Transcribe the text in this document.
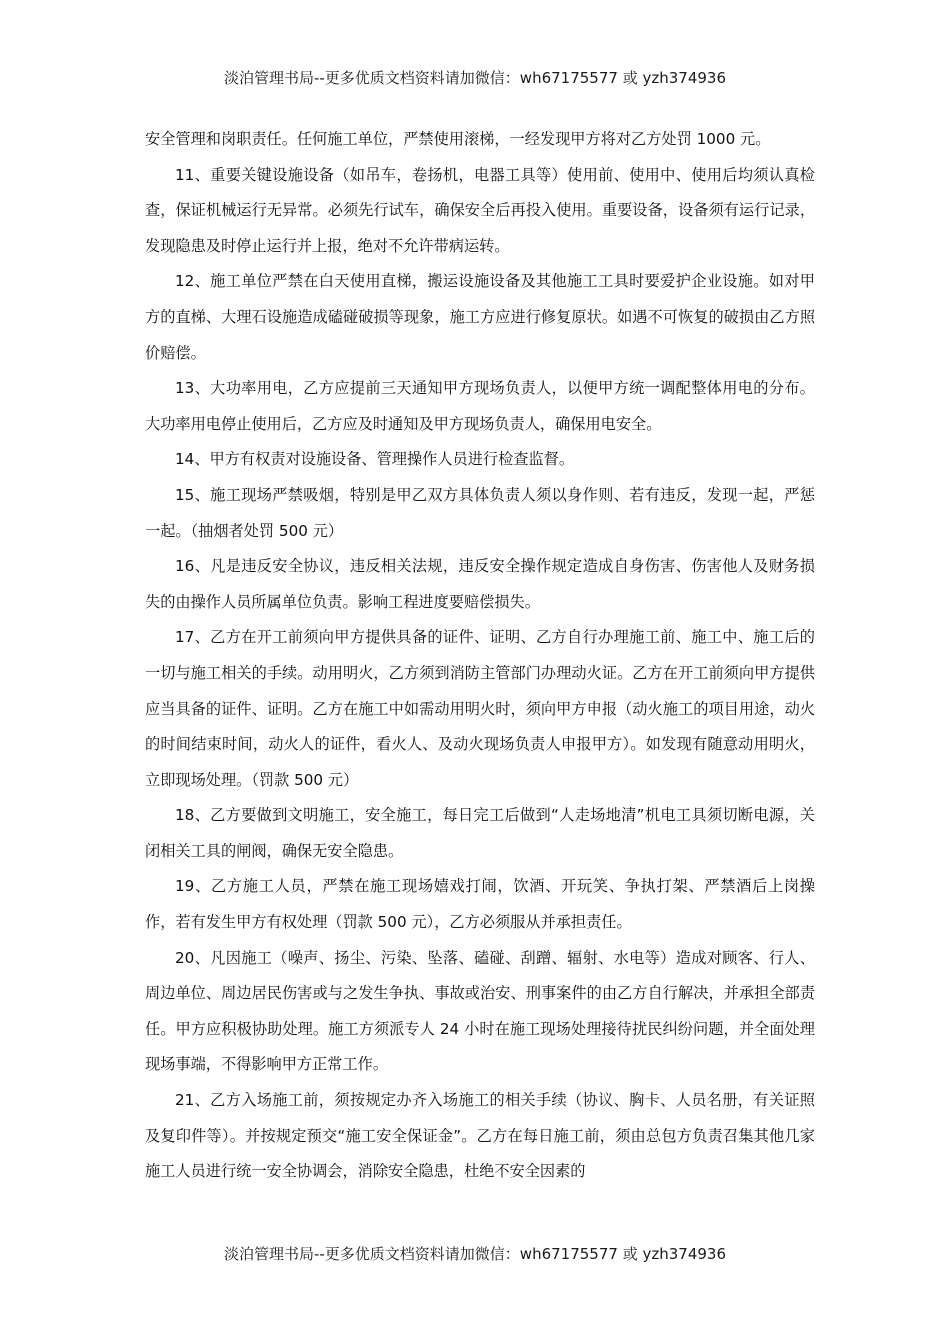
淡泊管理书局--更多优质文档资料请加微信：wh67175577 或 yzh374936

安全管理和岗职责任。任何施工单位，严禁使用滚梯，一经发现甲方将对乙方处罚 1000 元。

11、重要关键设施设备（如吊车，卷扬机，电器工具等）使用前、使用中、使用后均须认真检查，保证机械运行无异常。必须先行试车，确保安全后再投入使用。重要设备，设备须有运行记录，发现隐患及时停止运行并上报，绝对不允许带病运转。

12、施工单位严禁在白天使用直梯，搬运设施设备及其他施工工具时要爱护企业设施。如对甲方的直梯、大理石设施造成磕碰破损等现象，施工方应进行修复原状。如遇不可恢复的破损由乙方照价赔偿。

13、大功率用电，乙方应提前三天通知甲方现场负责人，以便甲方统一调配整体用电的分布。大功率用电停止使用后，乙方应及时通知及甲方现场负责人，确保用电安全。

14、甲方有权责对设施设备、管理操作人员进行检查监督。

15、施工现场严禁吸烟，特别是甲乙双方具体负责人须以身作则、若有违反，发现一起，严惩一起。（抽烟者处罚 500 元）

16、凡是违反安全协议，违反相关法规，违反安全操作规定造成自身伤害、伤害他人及财务损失的由操作人员所属单位负责。影响工程进度要赔偿损失。

17、乙方在开工前须向甲方提供具备的证件、证明、乙方自行办理施工前、施工中、施工后的一切与施工相关的手续。动用明火，乙方须到消防主管部门办理动火证。乙方在开工前须向甲方提供应当具备的证件、证明。乙方在施工中如需动用明火时，须向甲方申报（动火施工的项目用途，动火的时间结束时间，动火人的证件，看火人、及动火现场负责人申报甲方）。如发现有随意动用明火，立即现场处理。（罚款 500 元）

18、乙方要做到文明施工，安全施工，每日完工后做到“人走场地清”机电工具须切断电源，关闭相关工具的闸阀，确保无安全隐患。

19、乙方施工人员，严禁在施工现场嬉戏打闹，饮酒、开玩笑、争执打架、严禁酒后上岗操作，若有发生甲方有权处理（罚款 500 元），乙方必须服从并承担责任。

20、凡因施工（噪声、扬尘、污染、坠落、磕碰、刮蹭、辐射、水电等）造成对顾客、行人、周边单位、周边居民伤害或与之发生争执、事故或治安、刑事案件的由乙方自行解决，并承担全部责任。甲方应积极协助处理。施工方须派专人 24 小时在施工现场处理接待扰民纠纷问题，并全面处理现场事端，不得影响甲方正常工作。

21、乙方入场施工前，须按规定办齐入场施工的相关手续（协议、胸卡、人员名册，有关证照及复印件等）。并按规定预交“施工安全保证金”。乙方在每日施工前，须由总包方负责召集其他几家施工人员进行统一安全协调会，消除安全隐患，杜绝不安全因素的

淡泊管理书局--更多优质文档资料请加微信：wh67175577 或 yzh374936
